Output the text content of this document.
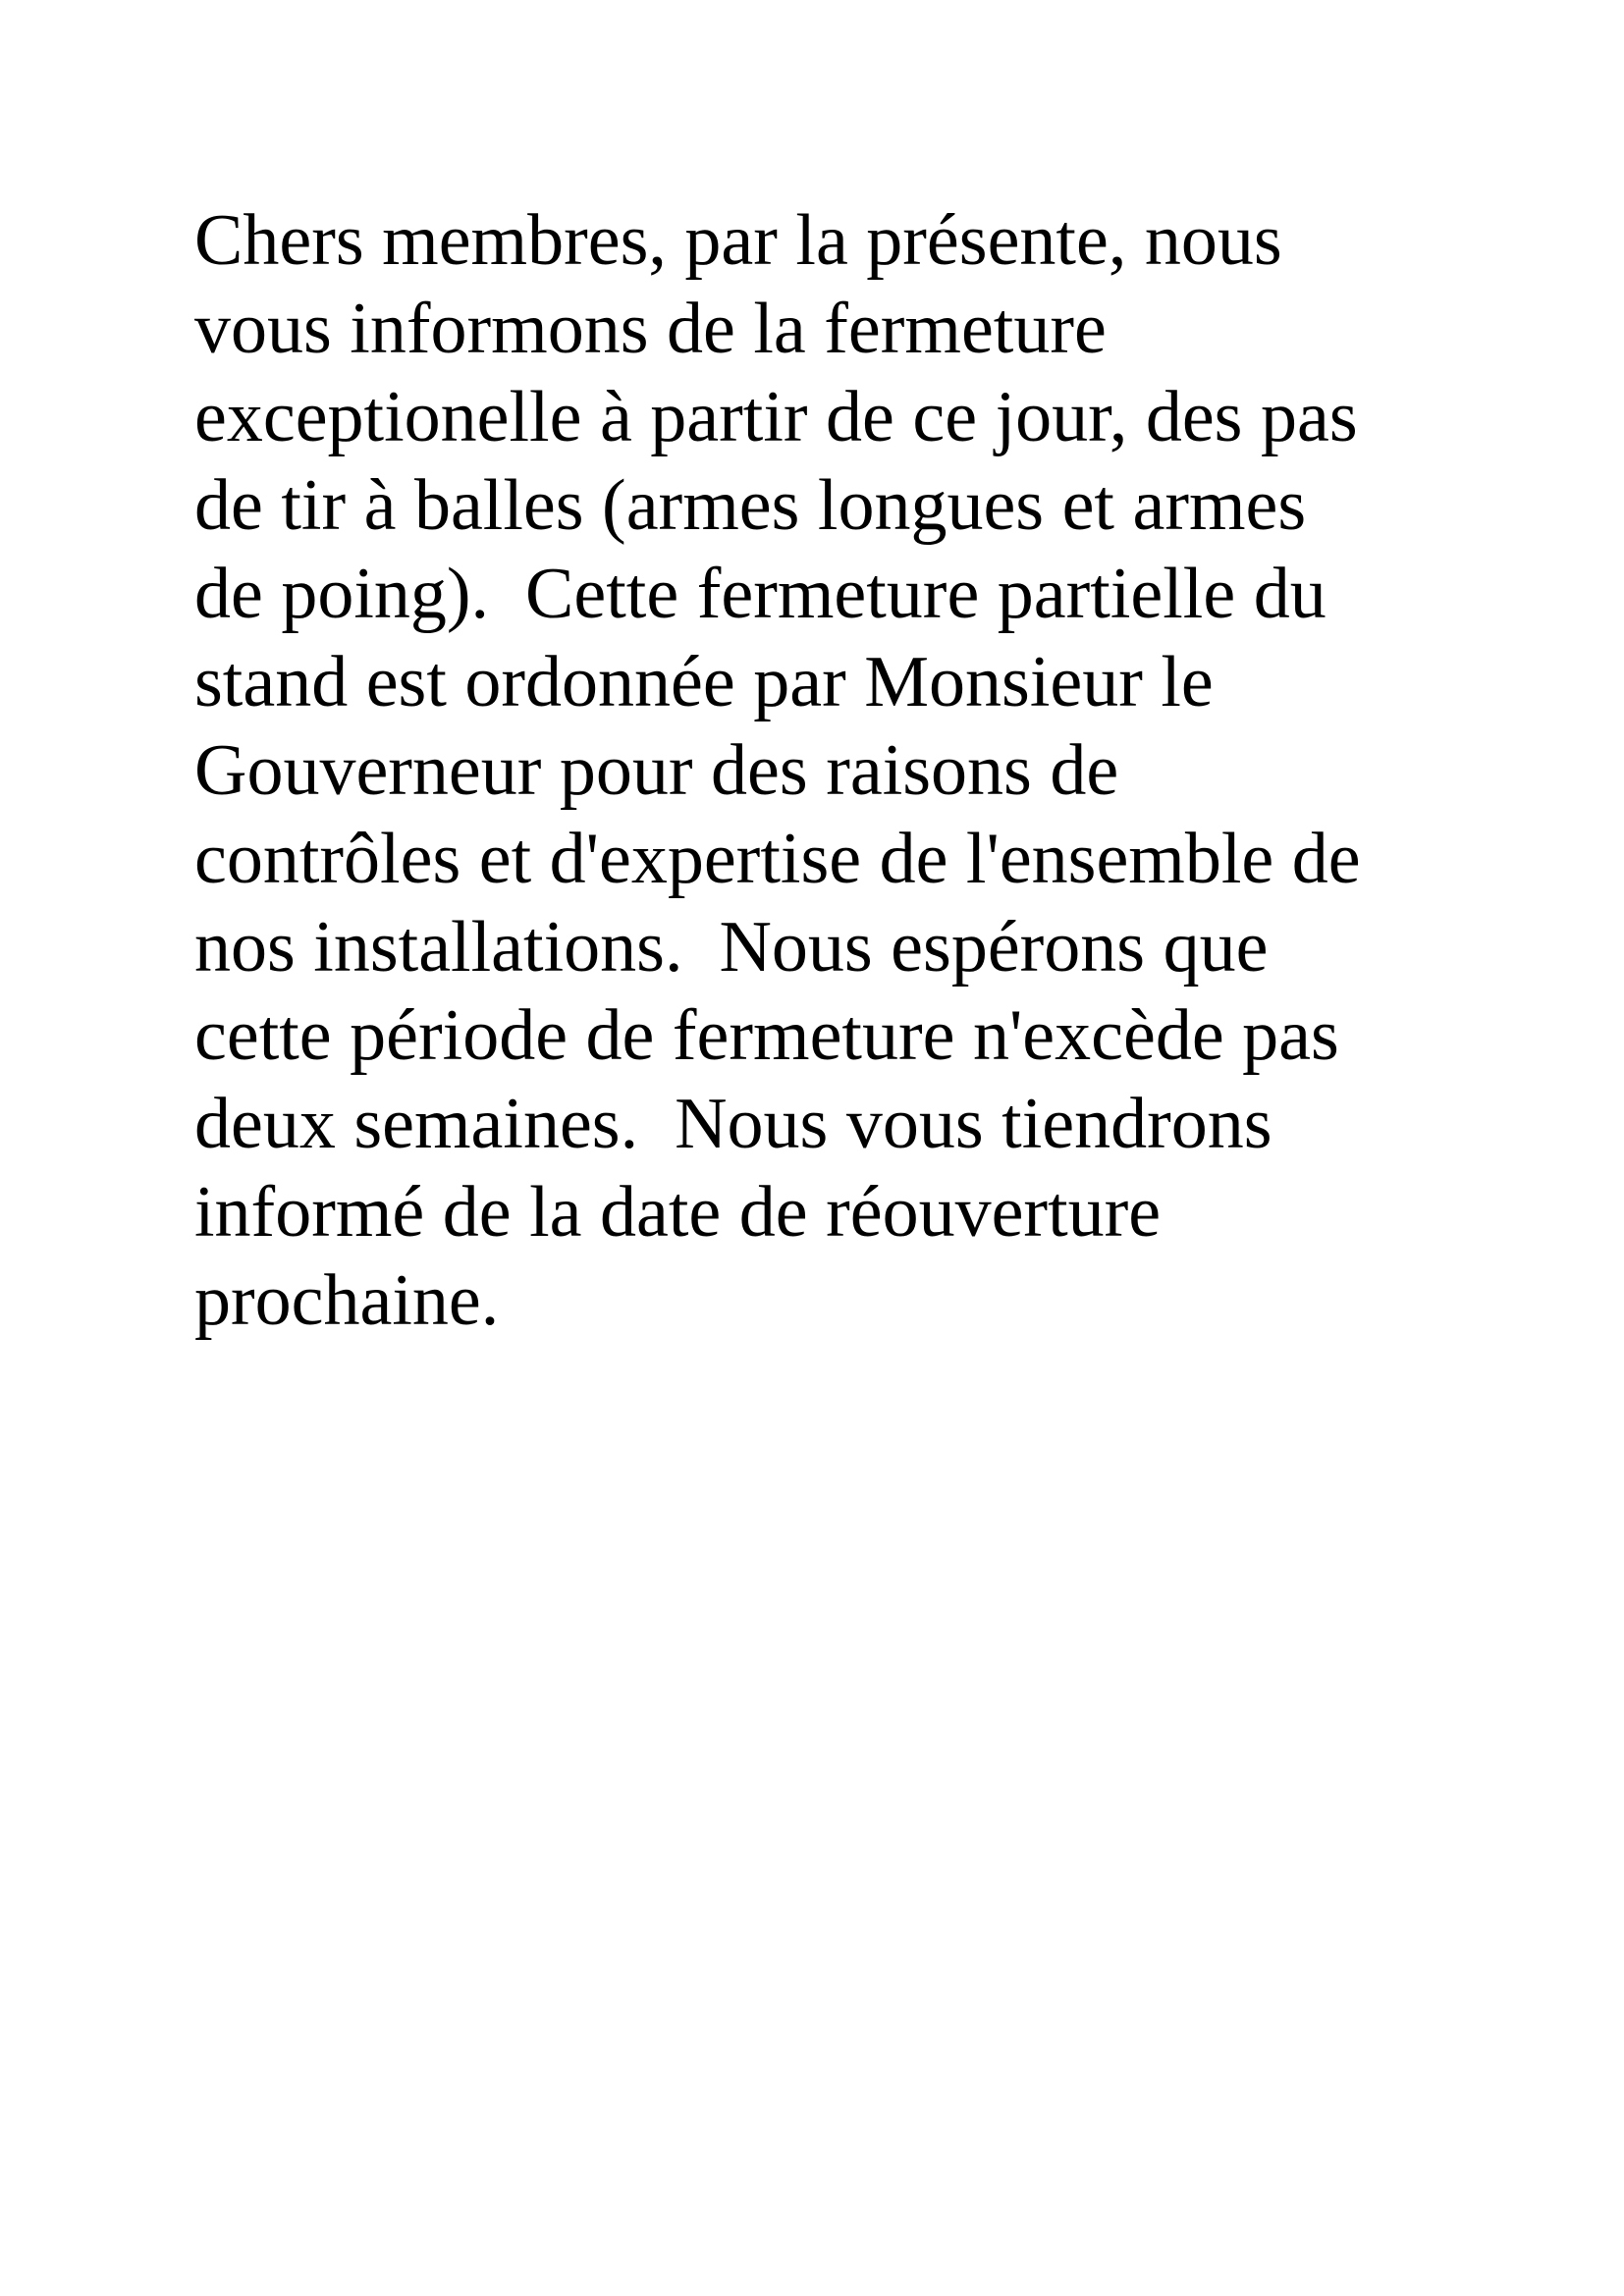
Chers membres, par la présente, nous
vous informons de la fermeture
exceptionelle à partir de ce jour, des pas
de tir à balles (armes longues et armes
de poing).  Cette fermeture partielle du
stand est ordonnée par Monsieur le
Gouverneur pour des raisons de
contrôles et d'expertise de l'ensemble de
nos installations.  Nous espérons que
cette période de fermeture n'excède pas
deux semaines.  Nous vous tiendrons
informé de la date de réouverture
prochaine.
